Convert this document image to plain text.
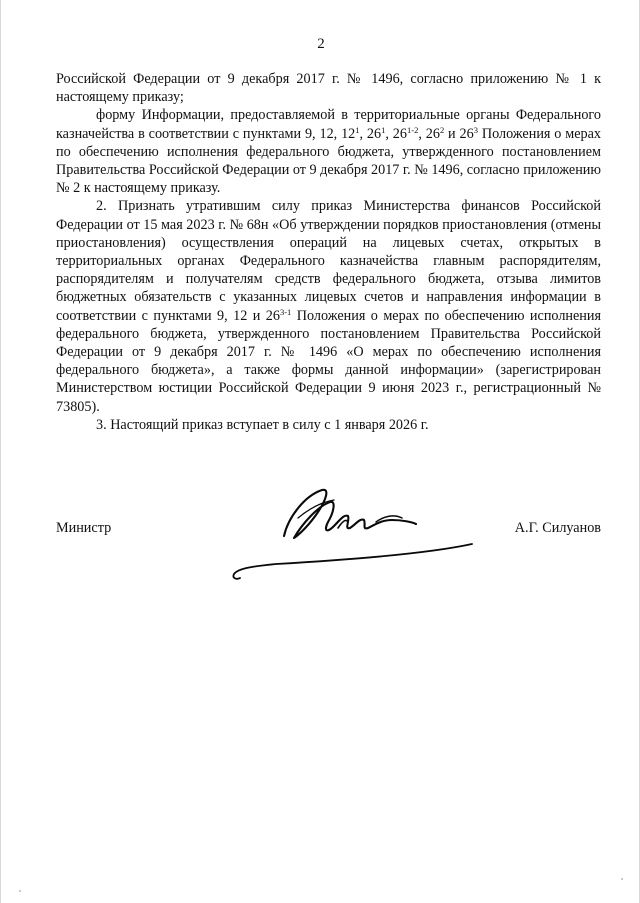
2

Российской Федерации от 9 декабря 2017 г. № 1496, согласно приложению № 1 к настоящему приказу;

форму Информации, предоставляемой в территориальные органы Федерального казначейства в соответствии с пунктами 9, 12, $12^1$, $26^1$, 26$^{1-2}$, $26^2$ и $26^3$ Положения о мерах по обеспечению исполнения федерального бюджета, утвержденного постановлением Правительства Российской Федерации от 9 декабря 2017 г. № 1496, согласно приложению № 2 к настоящему приказу.

2. Признать утратившим силу приказ Министерства финансов Российской Федерации от 15 мая 2023 г. № 68н «Об утверждении порядков приостановления (отмены приостановления) осуществления операций на лицевых счетах, открытых в территориальных органах Федерального казначейства главным распорядителям, распорядителям и получателям средств федерального бюджета, отзыва лимитов бюджетных обязательств с указанных лицевых счетов и направления информации в соответствии с пунктами 9, 12 и 26$^{3-1}$ Положения о мерах по обеспечению исполнения федерального бюджета, утвержденного постановлением Правительства Российской Федерации от 9 декабря 2017 г. № 1496 «О мерах по обеспечению исполнения федерального бюджета», а также формы данной информации» (зарегистрирован Министерством юстиции Российской Федерации 9 июня 2023 г., регистрационный № 73805).

3. Настоящий приказ вступает в силу с 1 января 2026 г.

Министр	А.Г. Силуанов
